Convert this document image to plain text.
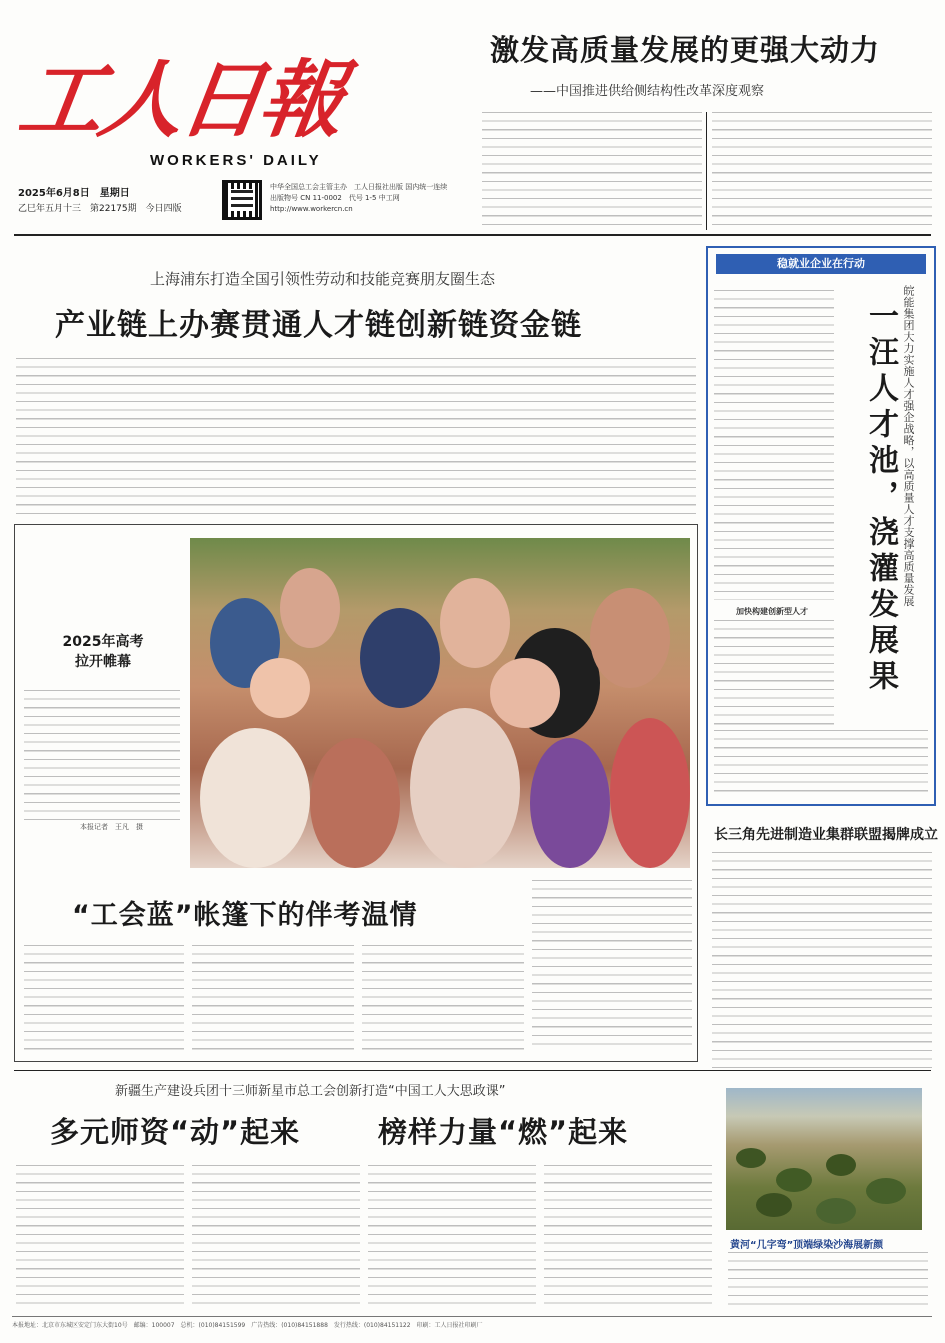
工人日報
WORKERS' DAILY
2025年6月8日　星期日
乙巳年五月十三　第22175期　今日四版
中华全国总工会主管主办　工人日报社出版 国内统一连续出版物号 CN 11-0002　代号 1-5 中工网　http://www.workercn.cn
激发高质量发展的更强大动力
——中国推进供给侧结构性改革深度观察
上海浦东打造全国引领性劳动和技能竞赛朋友圈生态
产业链上办赛贯通人才链创新链资金链
2025年高考
拉开帷幕
本报记者　王凡　摄
“工会蓝”帐篷下的伴考温情
稳就业企业在行动
一汪人才池，浇灌发展果 皖能集团大力实施人才强企战略，以高质量人才支撑高质量发展
加快构建创新型人才
长三角先进制造业集群联盟揭牌成立
新疆生产建设兵团十三师新星市总工会创新打造“中国工人大思政课”
多元师资“动”起来	榜样力量“燃”起来
黄河“几字弯”顶端绿染沙海展新颜
本报地址：北京市东城区安定门东大街10号　邮编：100007　总机：(010)84151599　广告热线：(010)84151888　发行热线：(010)84151122　印刷：工人日报社印刷厂
